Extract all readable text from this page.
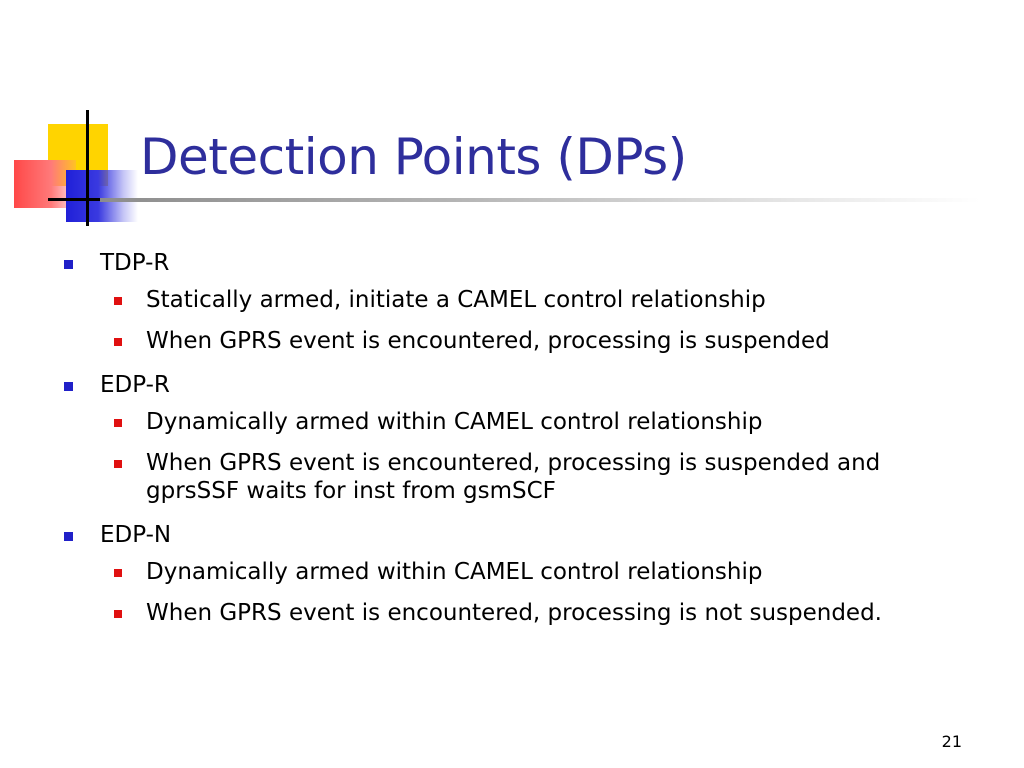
Detection Points (DPs)
TDP-R
Statically armed, initiate a CAMEL control relationship
When GPRS event is encountered, processing is suspended
EDP-R
Dynamically armed within CAMEL control relationship
When GPRS event is encountered, processing is suspended and gprsSSF waits for inst from gsmSCF
EDP-N
Dynamically armed within CAMEL control relationship
When GPRS event is encountered, processing is not suspended.
21
